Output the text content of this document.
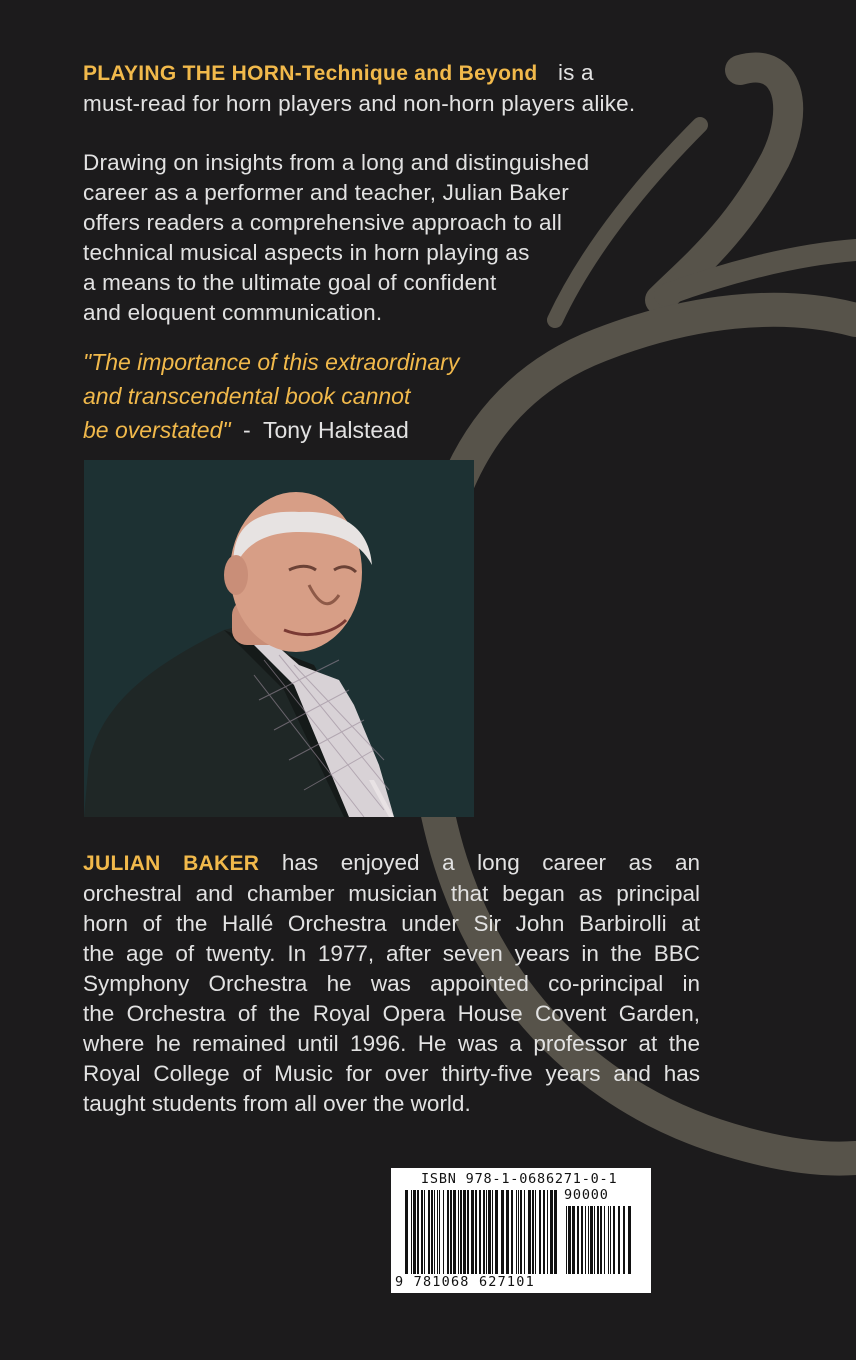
PLAYING THE HORN-Technique and Beyond is a
must-read for horn players and non-horn players alike.
Drawing on insights from a long and distinguished
career as a performer and teacher, Julian Baker
offers readers a comprehensive approach to all
technical musical aspects in horn playing as
a means to the ultimate goal of confident
and eloquent communication.
"The importance of this extraordinary
and transcendental book cannot
be overstated" - Tony Halstead
JULIAN BAKER has enjoyed a long career as an
orchestral and chamber musician that began as principal
horn of the Hallé Orchestra under Sir John Barbirolli at
the age of twenty. In 1977, after seven years in the BBC
Symphony Orchestra he was appointed co-principal in
the Orchestra of the Royal Opera House Covent Garden,
where he remained until 1996. He was a professor at the
Royal College of Music for over thirty-five years and has
taught students from all over the world.
ISBN 978-1-0686271-0-1
90000
9 781068 627101
